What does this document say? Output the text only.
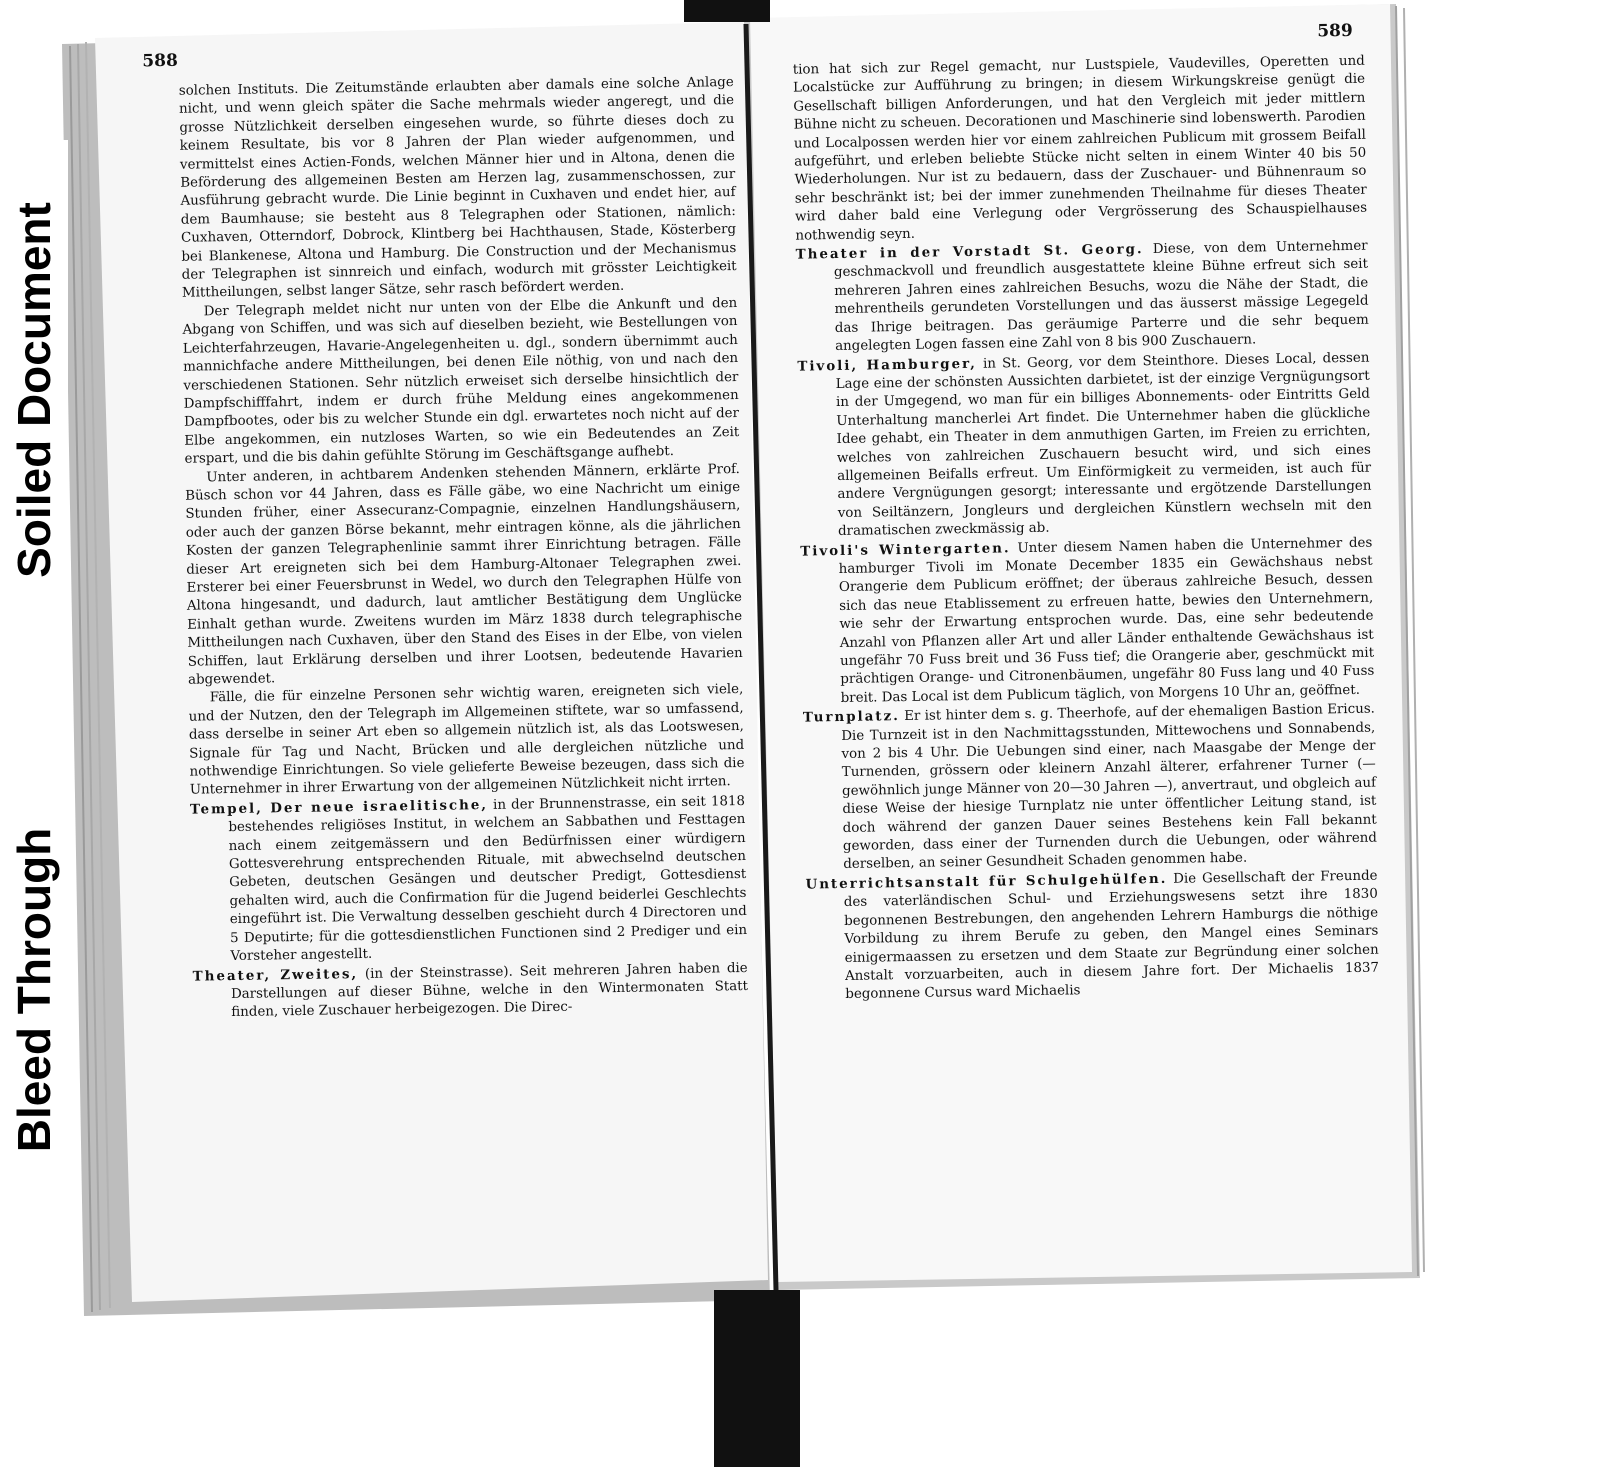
Soiled Document
Bleed Through
588

solchen Instituts. Die Zeitumstände erlaubten aber damals eine solche Anlage nicht, und wenn gleich später die Sache mehrmals wieder angeregt, und die grosse Nützlichkeit derselben eingesehen wurde, so führte dieses doch zu keinem Resultate, bis vor 8 Jahren der Plan wieder aufgenommen, und vermittelst eines Actien-Fonds, welchen Männer hier und in Altona, denen die Beförderung des allgemeinen Besten am Herzen lag, zusammenschossen, zur Ausführung gebracht wurde. Die Linie beginnt in Cuxhaven und endet hier, auf dem Baumhause; sie besteht aus 8 Telegraphen oder Stationen, nämlich: Cuxhaven, Otterndorf, Dobrock, Klintberg bei Hachthausen, Stade, Kösterberg bei Blankenese, Altona und Hamburg. Die Construction und der Mechanismus der Telegraphen ist sinnreich und einfach, wodurch mit grösster Leichtigkeit Mittheilungen, selbst langer Sätze, sehr rasch befördert werden.

Der Telegraph meldet nicht nur unten von der Elbe die Ankunft und den Abgang von Schiffen, und was sich auf dieselben bezieht, wie Bestellungen von Leichterfahrzeugen, Havarie-Angelegenheiten u. dgl., sondern übernimmt auch mannichfache andere Mittheilungen, bei denen Eile nöthig, von und nach den verschiedenen Stationen. Sehr nützlich erweiset sich derselbe hinsichtlich der Dampfschifffahrt, indem er durch frühe Meldung eines angekommenen Dampfbootes, oder bis zu welcher Stunde ein dgl. erwartetes noch nicht auf der Elbe angekommen, ein nutzloses Warten, so wie ein Bedeutendes an Zeit erspart, und die bis dahin gefühlte Störung im Geschäftsgange aufhebt.

Unter anderen, in achtbarem Andenken stehenden Männern, erklärte Prof. Büsch schon vor 44 Jahren, dass es Fälle gäbe, wo eine Nachricht um einige Stunden früher, einer Assecuranz-Compagnie, einzelnen Handlungshäusern, oder auch der ganzen Börse bekannt, mehr eintragen könne, als die jährlichen Kosten der ganzen Telegraphenlinie sammt ihrer Einrichtung betragen. Fälle dieser Art ereigneten sich bei dem Hamburg-Altonaer Telegraphen zwei. Ersterer bei einer Feuersbrunst in Wedel, wo durch den Telegraphen Hülfe von Altona hingesandt, und dadurch, laut amtlicher Bestätigung dem Unglücke Einhalt gethan wurde. Zweitens wurden im März 1838 durch telegraphische Mittheilungen nach Cuxhaven, über den Stand des Eises in der Elbe, von vielen Schiffen, laut Erklärung derselben und ihrer Lootsen, bedeutende Havarien abgewendet.

Fälle, die für einzelne Personen sehr wichtig waren, ereigneten sich viele, und der Nutzen, den der Telegraph im Allgemeinen stiftete, war so umfassend, dass derselbe in seiner Art eben so allgemein nützlich ist, als das Lootswesen, Signale für Tag und Nacht, Brücken und alle dergleichen nützliche und nothwendige Einrichtungen. So viele gelieferte Beweise bezeugen, dass sich die Unternehmer in ihrer Erwartung von der allgemeinen Nützlichkeit nicht irrten.

Tempel, Der neue israelitische, in der Brunnenstrasse, ein seit 1818 bestehendes religiöses Institut, in welchem an Sabbathen und Festtagen nach einem zeitgemässern und den Bedürfnissen einer würdigern Gottesverehrung entsprechenden Rituale, mit abwechselnd deutschen Gebeten, deutschen Gesängen und deutscher Predigt, Gottesdienst gehalten wird, auch die Confirmation für die Jugend beiderlei Geschlechts eingeführt ist. Die Verwaltung desselben geschieht durch 4 Directoren und 5 Deputirte; für die gottesdienstlichen Functionen sind 2 Prediger und ein Vorsteher angestellt.

Theater, Zweites, (in der Steinstrasse). Seit mehreren Jahren haben die Darstellungen auf dieser Bühne, welche in den Wintermonaten Statt finden, viele Zuschauer herbeigezogen. Die Direc-

589

tion hat sich zur Regel gemacht, nur Lustspiele, Vaudevilles, Operetten und Localstücke zur Aufführung zu bringen; in diesem Wirkungskreise genügt die Gesellschaft billigen Anforderungen, und hat den Vergleich mit jeder mittlern Bühne nicht zu scheuen. Decorationen und Maschinerie sind lobenswerth. Parodien und Localpossen werden hier vor einem zahlreichen Publicum mit grossem Beifall aufgeführt, und erleben beliebte Stücke nicht selten in einem Winter 40 bis 50 Wiederholungen. Nur ist zu bedauern, dass der Zuschauer- und Bühnenraum so sehr beschränkt ist; bei der immer zunehmenden Theilnahme für dieses Theater wird daher bald eine Verlegung oder Vergrösserung des Schauspielhauses nothwendig seyn.

Theater in der Vorstadt St. Georg. Diese, von dem Unternehmer geschmackvoll und freundlich ausgestattete kleine Bühne erfreut sich seit mehreren Jahren eines zahlreichen Besuchs, wozu die Nähe der Stadt, die mehrentheils gerundeten Vorstellungen und das äusserst mässige Legegeld das Ihrige beitragen. Das geräumige Parterre und die sehr bequem angelegten Logen fassen eine Zahl von 8 bis 900 Zuschauern.

Tivoli, Hamburger, in St. Georg, vor dem Steinthore. Dieses Local, dessen Lage eine der schönsten Aussichten darbietet, ist der einzige Vergnügungsort in der Umgegend, wo man für ein billiges Abonnements- oder Eintritts Geld Unterhaltung mancherlei Art findet. Die Unternehmer haben die glückliche Idee gehabt, ein Theater in dem anmuthigen Garten, im Freien zu errichten, welches von zahlreichen Zuschauern besucht wird, und sich eines allgemeinen Beifalls erfreut. Um Einförmigkeit zu vermeiden, ist auch für andere Vergnügungen gesorgt; interessante und ergötzende Darstellungen von Seiltänzern, Jongleurs und dergleichen Künstlern wechseln mit den dramatischen zweckmässig ab.

Tivoli's Wintergarten. Unter diesem Namen haben die Unternehmer des hamburger Tivoli im Monate December 1835 ein Gewächshaus nebst Orangerie dem Publicum eröffnet; der überaus zahlreiche Besuch, dessen sich das neue Etablissement zu erfreuen hatte, bewies den Unternehmern, wie sehr der Erwartung entsprochen wurde. Das, eine sehr bedeutende Anzahl von Pflanzen aller Art und aller Länder enthaltende Gewächshaus ist ungefähr 70 Fuss breit und 36 Fuss tief; die Orangerie aber, geschmückt mit prächtigen Orange- und Citronenbäumen, ungefähr 80 Fuss lang und 40 Fuss breit. Das Local ist dem Publicum täglich, von Morgens 10 Uhr an, geöffnet.

Turnplatz. Er ist hinter dem s. g. Theerhofe, auf der ehemaligen Bastion Ericus. Die Turnzeit ist in den Nachmittagsstunden, Mittewochens und Sonnabends, von 2 bis 4 Uhr. Die Uebungen sind einer, nach Maasgabe der Menge der Turnenden, grössern oder kleinern Anzahl älterer, erfahrener Turner (— gewöhnlich junge Männer von 20—30 Jahren —), anvertraut, und obgleich auf diese Weise der hiesige Turnplatz nie unter öffentlicher Leitung stand, ist doch während der ganzen Dauer seines Bestehens kein Fall bekannt geworden, dass einer der Turnenden durch die Uebungen, oder während derselben, an seiner Gesundheit Schaden genommen habe.

Unterrichtsanstalt für Schulgehülfen. Die Gesellschaft der Freunde des vaterländischen Schul- und Erziehungswesens setzt ihre 1830 begonnenen Bestrebungen, den angehenden Lehrern Hamburgs die nöthige Vorbildung zu ihrem Berufe zu geben, den Mangel eines Seminars einigermaassen zu ersetzen und dem Staate zur Begründung einer solchen Anstalt vorzuarbeiten, auch in diesem Jahre fort. Der Michaelis 1837 begonnene Cursus ward Michaelis
